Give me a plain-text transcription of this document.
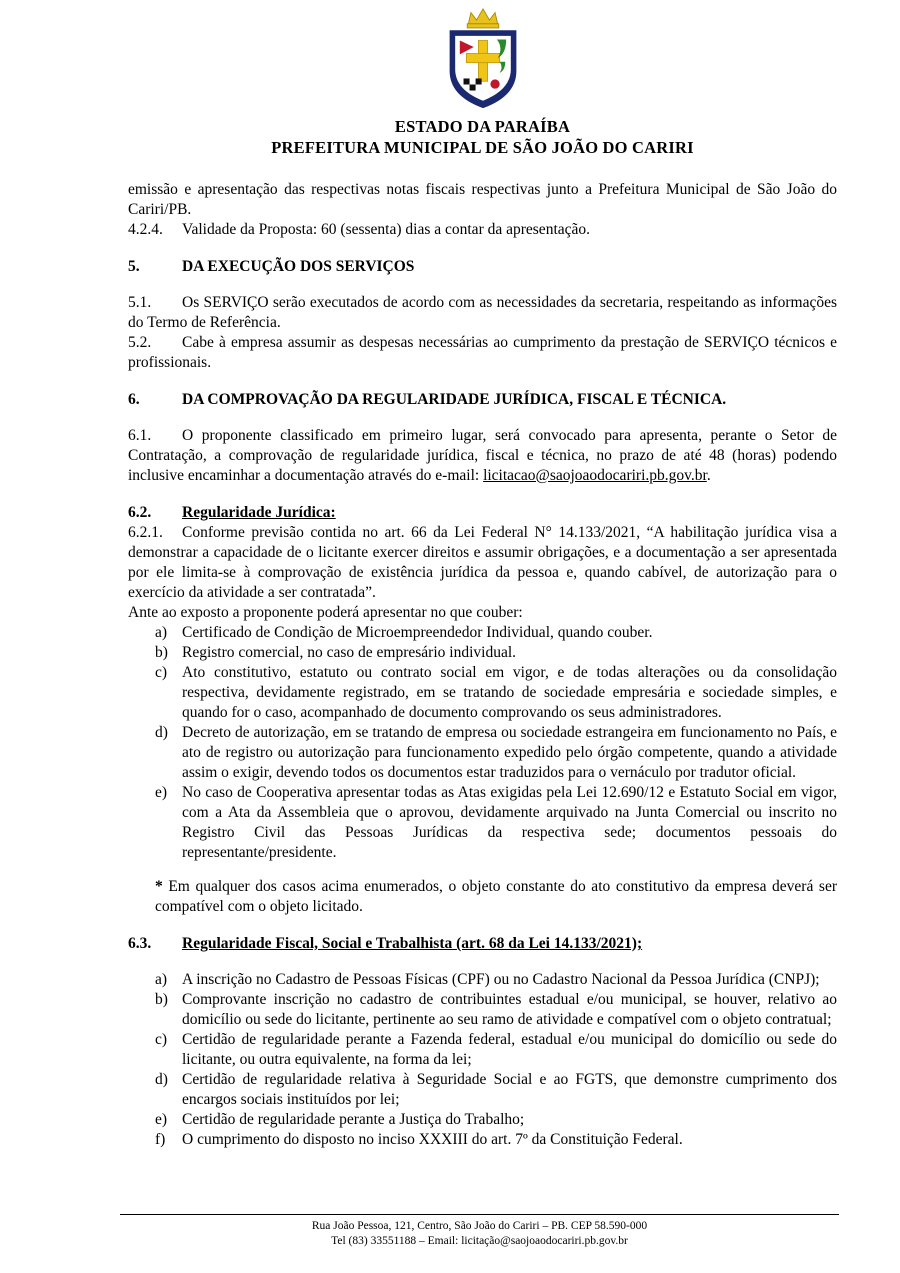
ESTADO DA PARAÍBA
PREFEITURA MUNICIPAL DE SÃO JOÃO DO CARIRI
emissão e apresentação das respectivas notas fiscais respectivas junto a Prefeitura Municipal de São João do Cariri/PB.
4.2.4. Validade da Proposta: 60 (sessenta) dias a contar da apresentação.
5.	DA EXECUÇÃO DOS SERVIÇOS
5.1. Os SERVIÇO serão executados de acordo com as necessidades da secretaria, respeitando as informações do Termo de Referência.
5.2. Cabe à empresa assumir as despesas necessárias ao cumprimento da prestação de SERVIÇO técnicos e profissionais.
6.	DA COMPROVAÇÃO DA REGULARIDADE JURÍDICA, FISCAL E TÉCNICA.
6.1. O proponente classificado em primeiro lugar, será convocado para apresenta, perante o Setor de Contratação, a comprovação de regularidade jurídica, fiscal e técnica, no prazo de até 48 (horas) podendo inclusive encaminhar a documentação através do e-mail: licitacao@saojoaodocariri.pb.gov.br.
6.2. Regularidade Jurídica:
6.2.1. Conforme previsão contida no art. 66 da Lei Federal N° 14.133/2021, “A habilitação jurídica visa a demonstrar a capacidade de o licitante exercer direitos e assumir obrigações, e a documentação a ser apresentada por ele limita-se à comprovação de existência jurídica da pessoa e, quando cabível, de autorização para o exercício da atividade a ser contratada”.
Ante ao exposto a proponente poderá apresentar no que couber:
a) Certificado de Condição de Microempreendedor Individual, quando couber.
b) Registro comercial, no caso de empresário individual.
c) Ato constitutivo, estatuto ou contrato social em vigor, e de todas alterações ou da consolidação respectiva, devidamente registrado, em se tratando de sociedade empresária e sociedade simples, e quando for o caso, acompanhado de documento comprovando os seus administradores.
d) Decreto de autorização, em se tratando de empresa ou sociedade estrangeira em funcionamento no País, e ato de registro ou autorização para funcionamento expedido pelo órgão competente, quando a atividade assim o exigir, devendo todos os documentos estar traduzidos para o vernáculo por tradutor oficial.
e) No caso de Cooperativa apresentar todas as Atas exigidas pela Lei 12.690/12 e Estatuto Social em vigor, com a Ata da Assembleia que o aprovou, devidamente arquivado na Junta Comercial ou inscrito no Registro Civil das Pessoas Jurídicas da respectiva sede; documentos pessoais do representante/presidente.
* Em qualquer dos casos acima enumerados, o objeto constante do ato constitutivo da empresa deverá ser compatível com o objeto licitado.
6.3. Regularidade Fiscal, Social e Trabalhista (art. 68 da Lei 14.133/2021);
a) A inscrição no Cadastro de Pessoas Físicas (CPF) ou no Cadastro Nacional da Pessoa Jurídica (CNPJ);
b) Comprovante inscrição no cadastro de contribuintes estadual e/ou municipal, se houver, relativo ao domicílio ou sede do licitante, pertinente ao seu ramo de atividade e compatível com o objeto contratual;
c) Certidão de regularidade perante a Fazenda federal, estadual e/ou municipal do domicílio ou sede do licitante, ou outra equivalente, na forma da lei;
d) Certidão de regularidade relativa à Seguridade Social e ao FGTS, que demonstre cumprimento dos encargos sociais instituídos por lei;
e) Certidão de regularidade perante a Justiça do Trabalho;
f) O cumprimento do disposto no inciso XXXIII do art. 7º da Constituição Federal.
Rua João Pessoa, 121, Centro, São João do Cariri – PB. CEP 58.590-000
Tel (83) 33551188 – Email: licitação@saojoaodocariri.pb.gov.br
